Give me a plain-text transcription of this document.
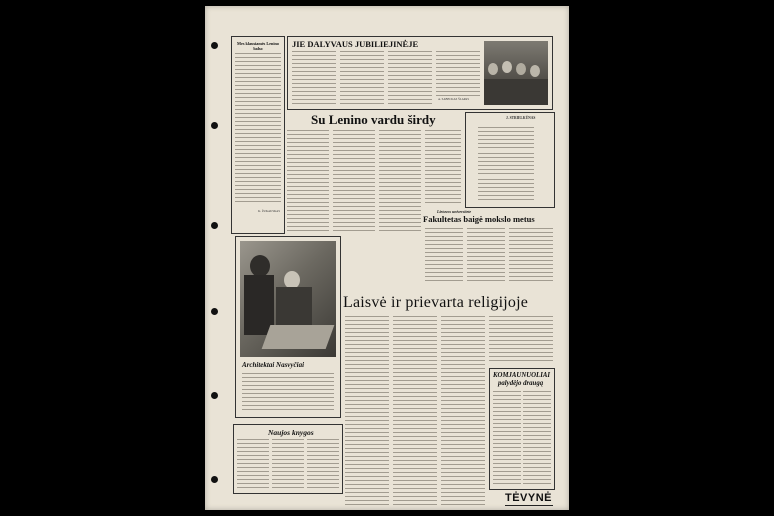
Mes klausiamės Lenino balso
K. ŽUKAUSKAS
JIE DALYVAUS JUBILIEJINĖJE
A. SABECKAS ŠLAPAS
Su Lenino vardu širdy	J. STRIELKŪNAS
Lietuvos universitete
Fakultetas baigė mokslo metus
Architektai Nasvyčiai
Laisvė ir prievarta religijoje
KOMJAUNUOLIAI
palydėjo draugą
Naujos knygos
TĖVYNĖ
